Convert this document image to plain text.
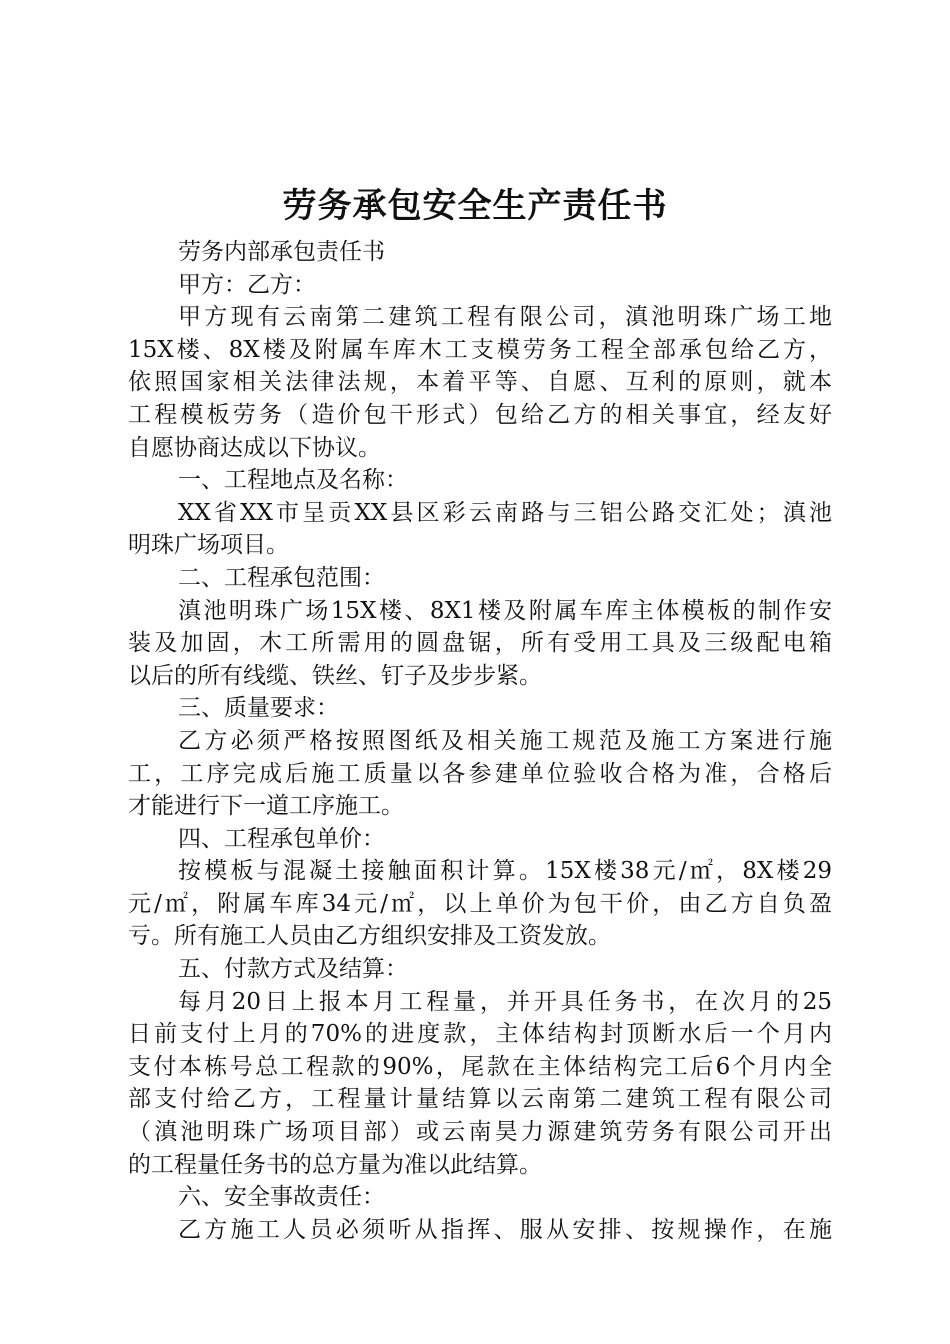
劳务承包安全生产责任书
劳务内部承包责任书
甲方：乙方：
甲方现有云南第二建筑工程有限公司，滇池明珠广场工地
15X楼、8X楼及附属车库木工支模劳务工程全部承包给乙方，
依照国家相关法律法规，本着平等、自愿、互利的原则，就本
工程模板劳务（造价包干形式）包给乙方的相关事宜，经友好
自愿协商达成以下协议。
一、工程地点及名称：
XX省XX市呈贡XX县区彩云南路与三铝公路交汇处；滇池
明珠广场项目。
二、工程承包范围：
滇池明珠广场15X楼、8X1楼及附属车库主体模板的制作安
装及加固，木工所需用的圆盘锯，所有受用工具及三级配电箱
以后的所有线缆、铁丝、钉子及步步紧。
三、质量要求：
乙方必须严格按照图纸及相关施工规范及施工方案进行施
工，工序完成后施工质量以各参建单位验收合格为准，合格后
才能进行下一道工序施工。
四、工程承包单价：
按模板与混凝土接触面积计算。15X楼38元/㎡，8X楼29
元/㎡，附属车库34元/㎡，以上单价为包干价，由乙方自负盈
亏。所有施工人员由乙方组织安排及工资发放。
五、付款方式及结算：
每月20日上报本月工程量，并开具任务书，在次月的25
日前支付上月的70%的进度款，主体结构封顶断水后一个月内
支付本栋号总工程款的90%，尾款在主体结构完工后6个月内全
部支付给乙方，工程量计量结算以云南第二建筑工程有限公司
（滇池明珠广场项目部）或云南昊力源建筑劳务有限公司开出
的工程量任务书的总方量为准以此结算。
六、安全事故责任：
乙方施工人员必须听从指挥、服从安排、按规操作，在施
